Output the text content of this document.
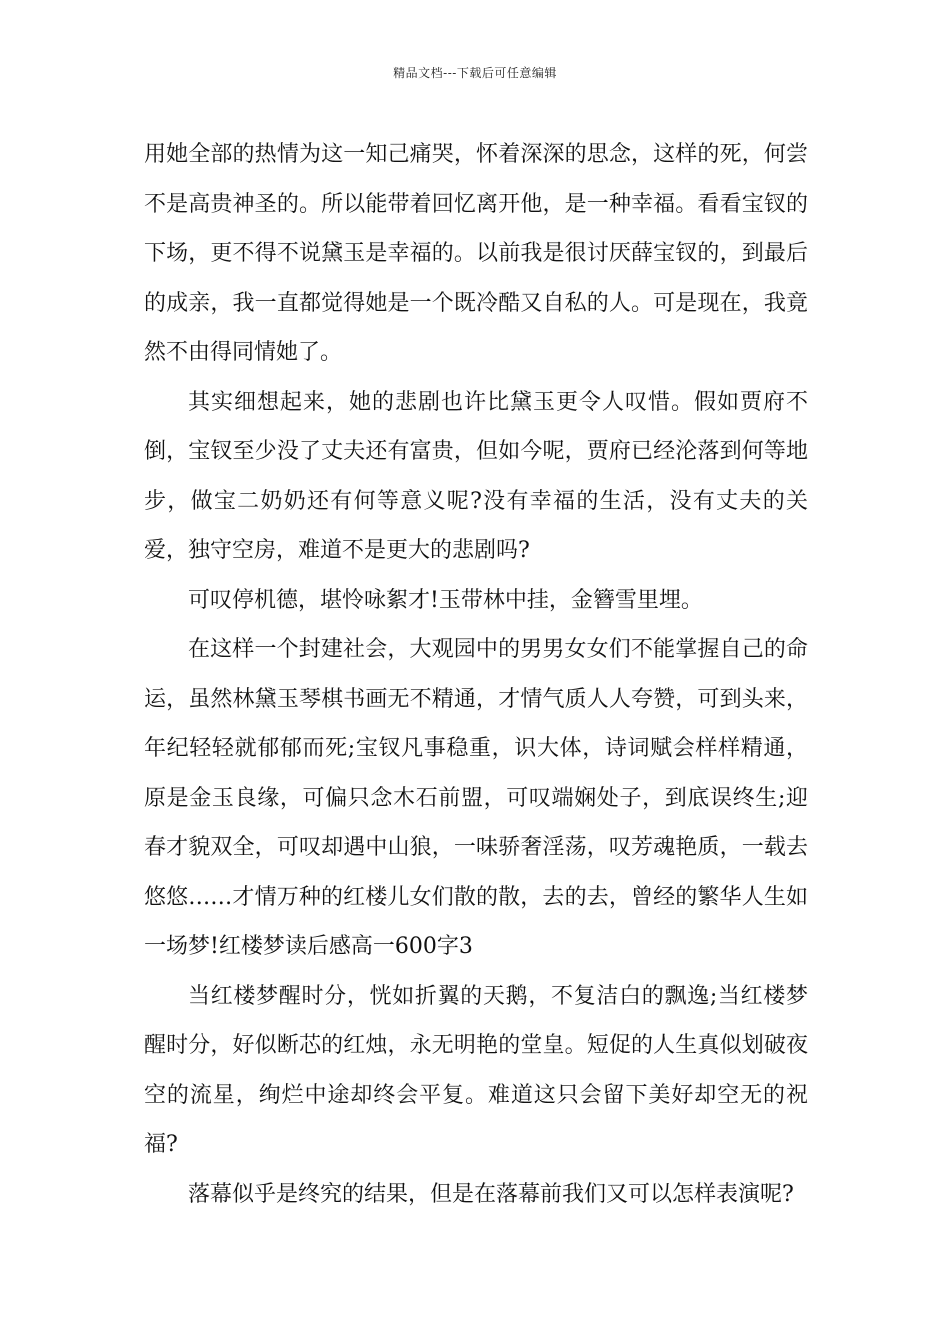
精品文档---下载后可任意编辑

用她全部的热情为这一知己痛哭，怀着深深的思念，这样的死，何尝不是高贵神圣的。所以能带着回忆离开他，是一种幸福。看看宝钗的下场，更不得不说黛玉是幸福的。以前我是很讨厌薛宝钗的，到最后的成亲，我一直都觉得她是一个既冷酷又自私的人。可是现在，我竟然不由得同情她了。

其实细想起来，她的悲剧也许比黛玉更令人叹惜。假如贾府不倒，宝钗至少没了丈夫还有富贵，但如今呢，贾府已经沦落到何等地步，做宝二奶奶还有何等意义呢?没有幸福的生活，没有丈夫的关爱，独守空房，难道不是更大的悲剧吗?

可叹停机德，堪怜咏絮才!玉带林中挂，金簪雪里埋。

在这样一个封建社会，大观园中的男男女女们不能掌握自己的命运，虽然林黛玉琴棋书画无不精通，才情气质人人夸赞，可到头来，年纪轻轻就郁郁而死;宝钗凡事稳重，识大体，诗词赋会样样精通，原是金玉良缘，可偏只念木石前盟，可叹端娴处子，到底误终生;迎春才貌双全，可叹却遇中山狼，一味骄奢淫荡，叹芳魂艳质，一载去悠悠……才情万种的红楼儿女们散的散，去的去，曾经的繁华人生如一场梦!红楼梦读后感高一600字3

当红楼梦醒时分，恍如折翼的天鹅，不复洁白的飘逸;当红楼梦醒时分，好似断芯的红烛，永无明艳的堂皇。短促的人生真似划破夜空的流星，绚烂中途却终会平复。难道这只会留下美好却空无的祝福?

落幕似乎是终究的结果，但是在落幕前我们又可以怎样表演呢?
